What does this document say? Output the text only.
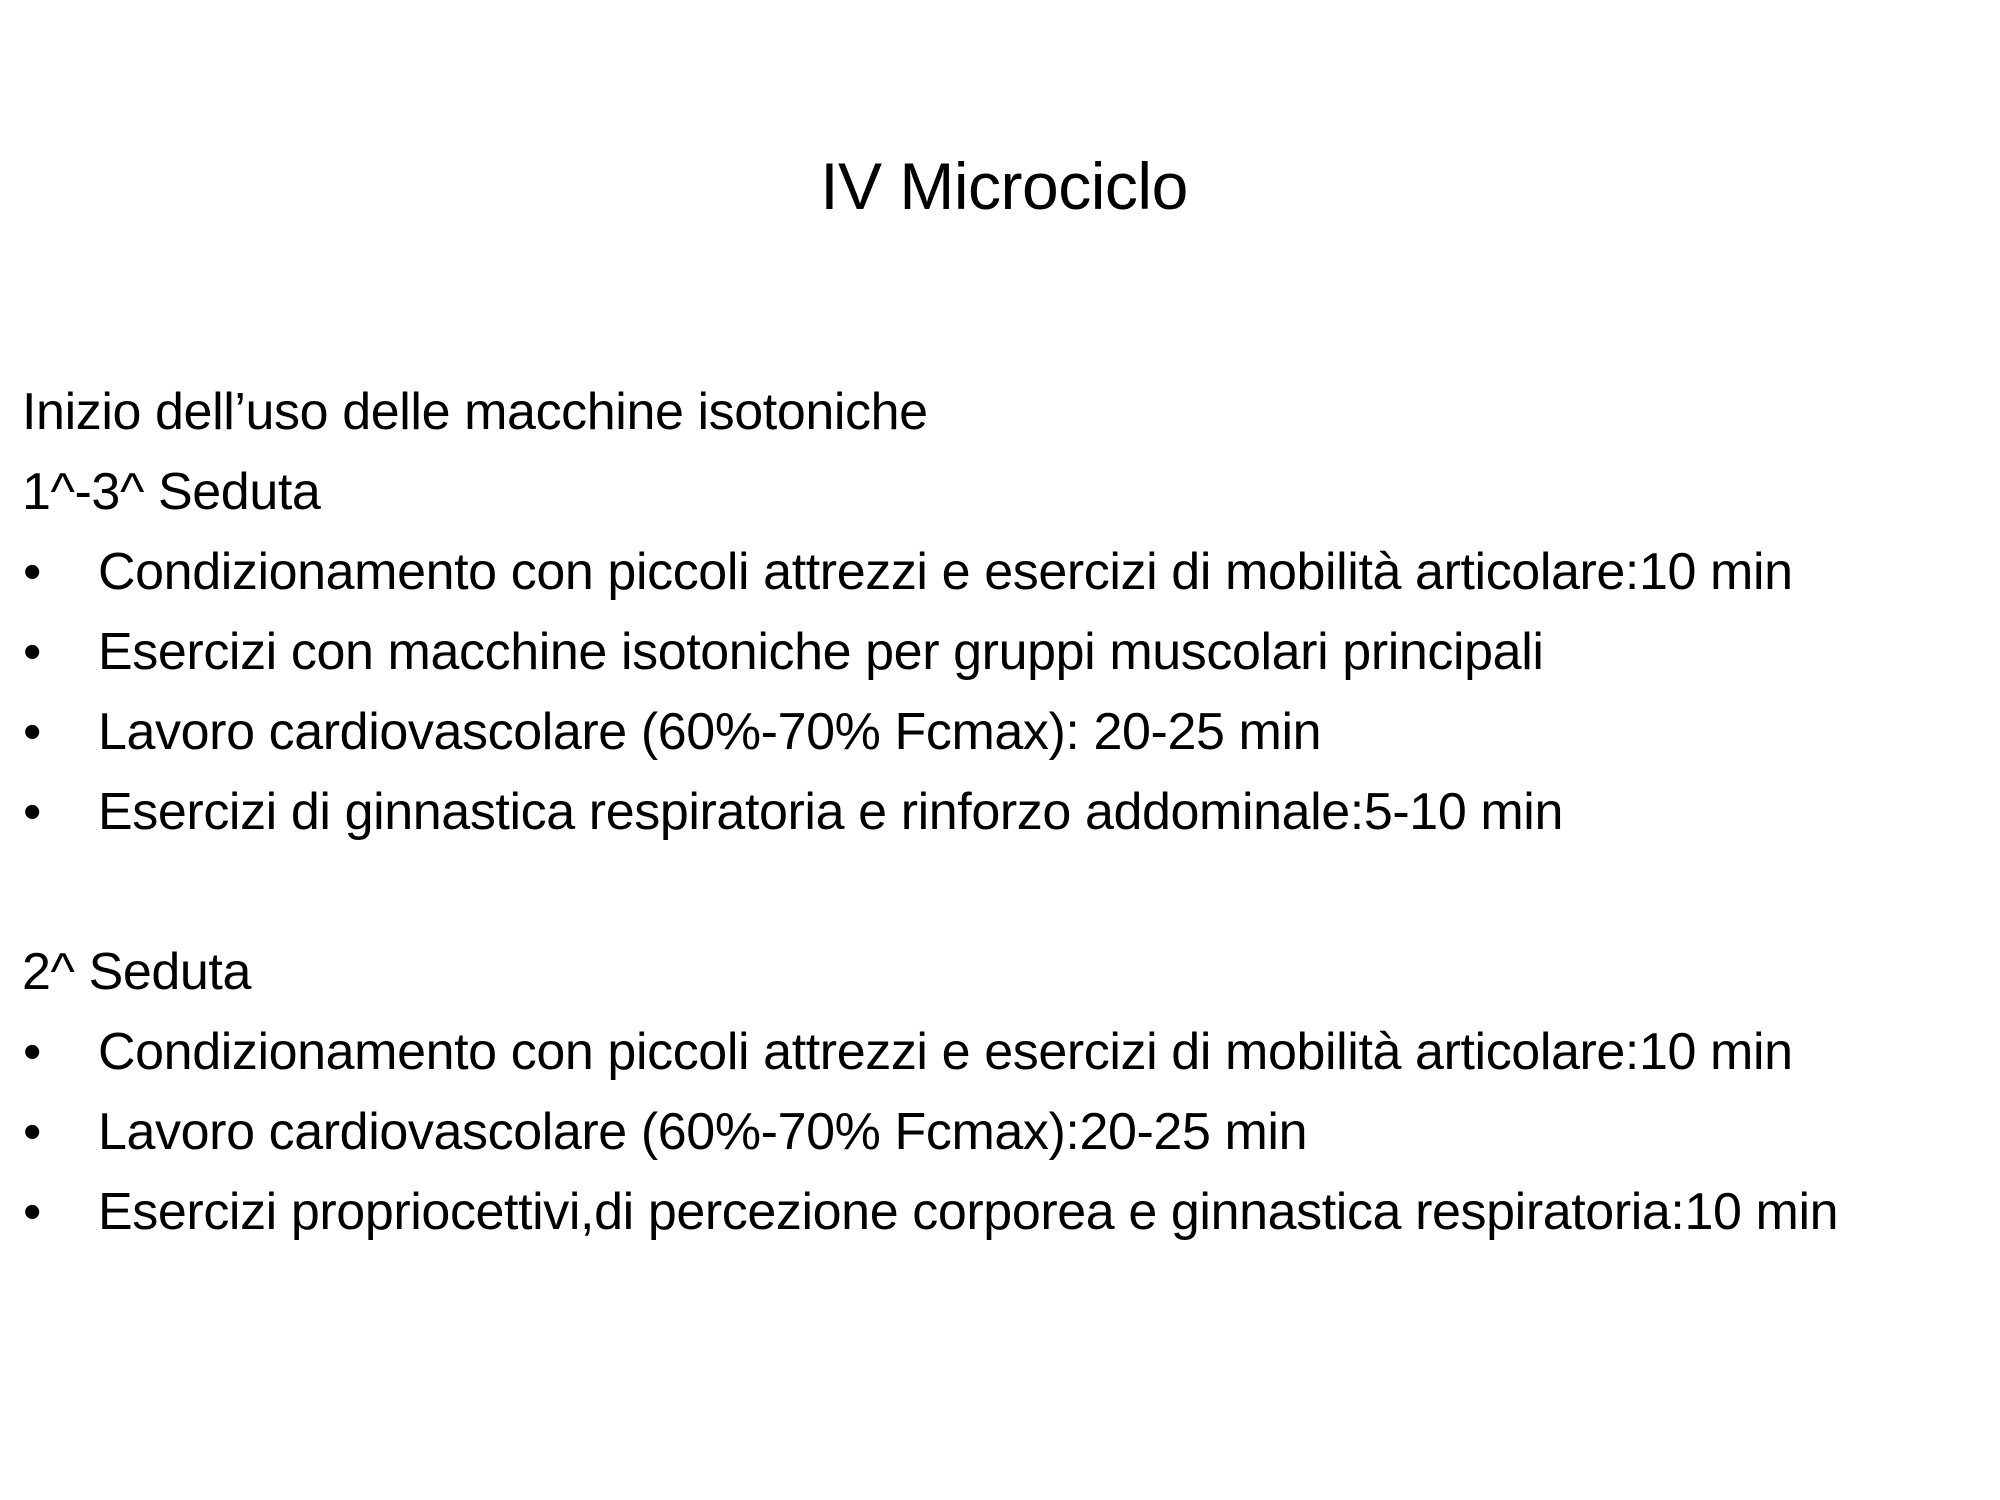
IV Microciclo
Inizio dell’uso delle macchine isotoniche
1^-3^ Seduta
• Condizionamento con piccoli attrezzi e esercizi di mobilità articolare:10 min
• Esercizi con macchine isotoniche per gruppi muscolari principali
• Lavoro cardiovascolare (60%-70% Fcmax): 20-25 min
• Esercizi di ginnastica respiratoria e rinforzo addominale:5-10 min
2^ Seduta
• Condizionamento con piccoli attrezzi e esercizi di mobilità articolare:10 min
• Lavoro cardiovascolare (60%-70% Fcmax):20-25 min
• Esercizi propriocettivi,di percezione corporea e ginnastica respiratoria:10 min
